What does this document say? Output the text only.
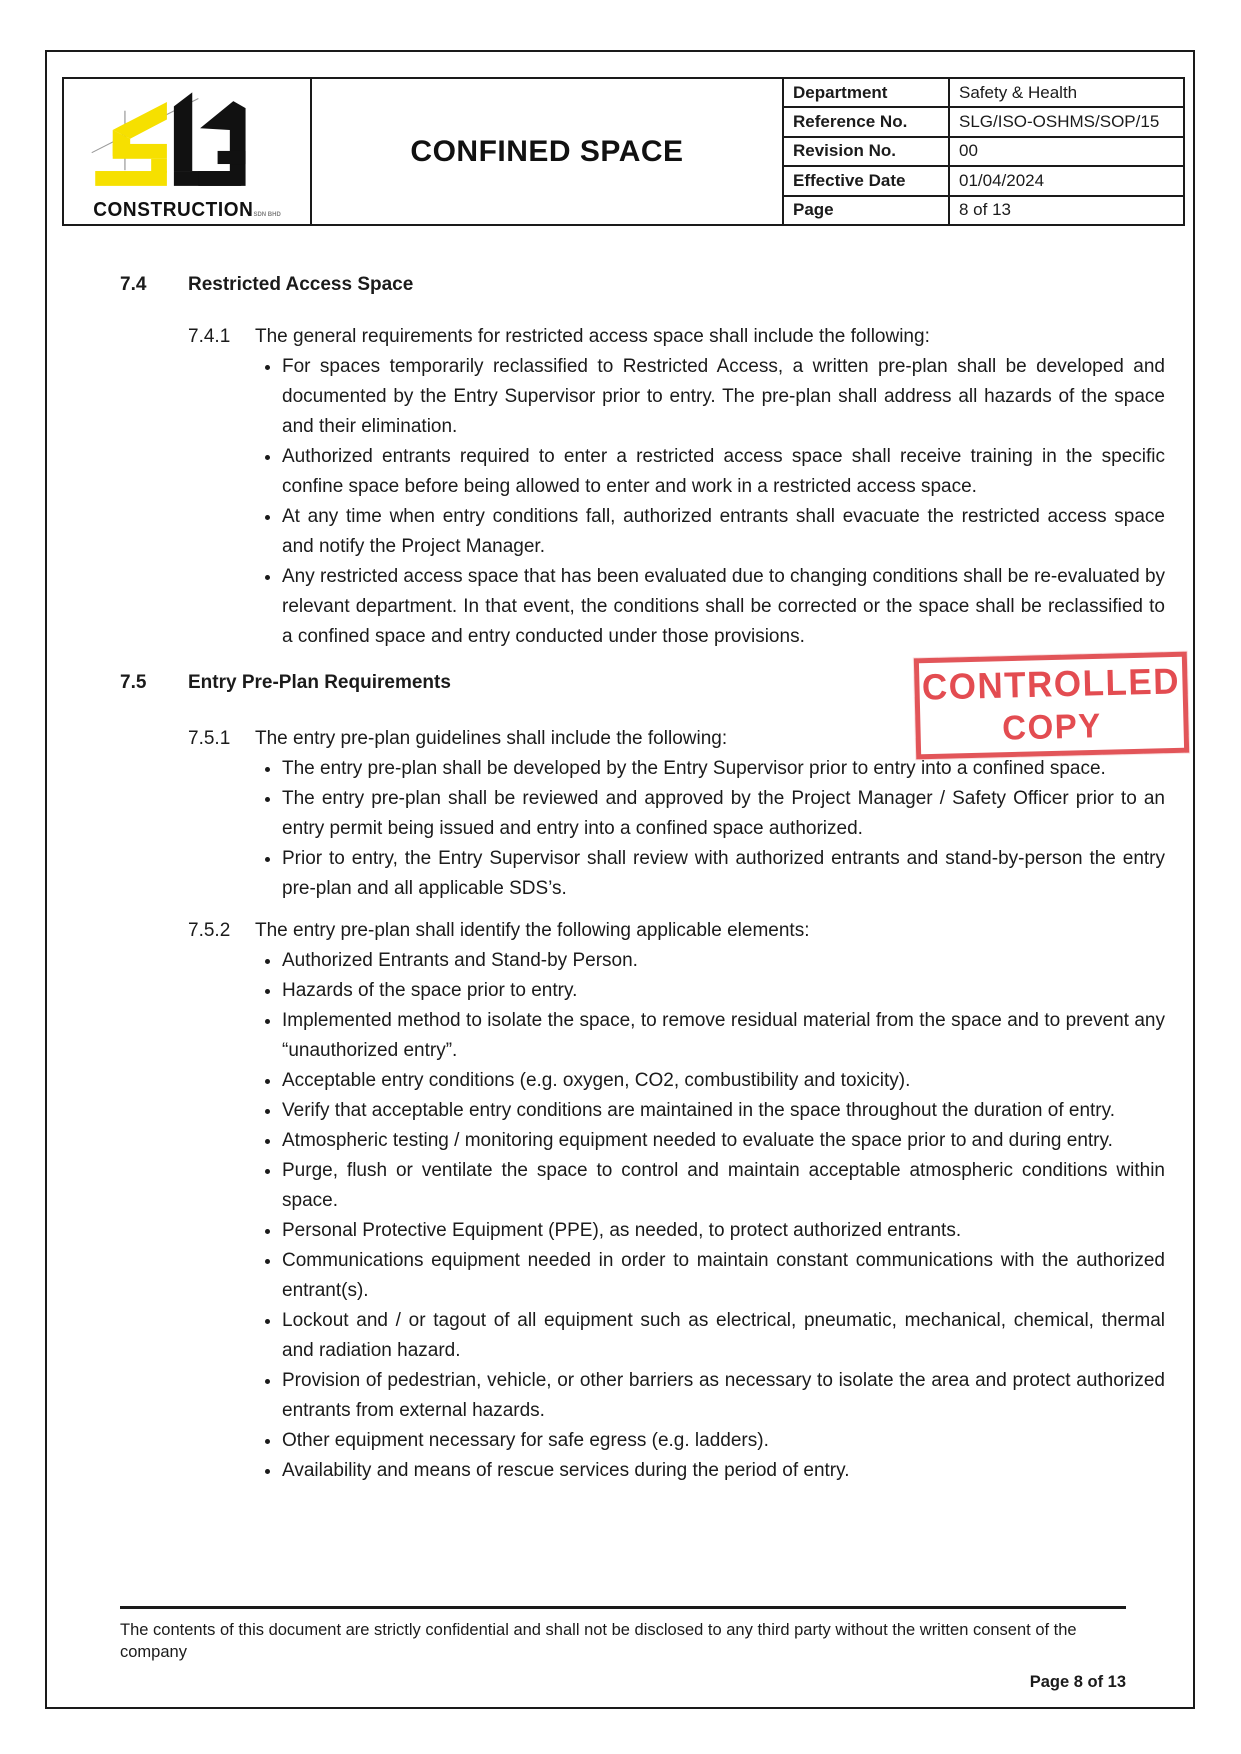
CONSTRUCTIONSDN BHD	CONFINED SPACE	Department	Safety & Health
		Reference No.	SLG/ISO-OSHMS/SOP/15
		Revision No.	00
		Effective Date	01/04/2024
		Page	8 of 13
7.4	Restricted Access Space
7.4.1	The general requirements for restricted access space shall include the following:
• For spaces temporarily reclassified to Restricted Access, a written pre-plan shall be developed and documented by the Entry Supervisor prior to entry. The pre-plan shall address all hazards of the space and their elimination.
• Authorized entrants required to enter a restricted access space shall receive training in the specific confine space before being allowed to enter and work in a restricted access space.
• At any time when entry conditions fall, authorized entrants shall evacuate the restricted access space and notify the Project Manager.
• Any restricted access space that has been evaluated due to changing conditions shall be re-evaluated by relevant department. In that event, the conditions shall be corrected or the space shall be reclassified to a confined space and entry conducted under those provisions.
7.5	Entry Pre-Plan Requirements
7.5.1	The entry pre-plan guidelines shall include the following:
• The entry pre-plan shall be developed by the Entry Supervisor prior to entry into a confined space.
• The entry pre-plan shall be reviewed and approved by the Project Manager / Safety Officer prior to an entry permit being issued and entry into a confined space authorized.
• Prior to entry, the Entry Supervisor shall review with authorized entrants and stand-by-person the entry pre-plan and all applicable SDS’s.
7.5.2	The entry pre-plan shall identify the following applicable elements:
• Authorized Entrants and Stand-by Person.
• Hazards of the space prior to entry.
• Implemented method to isolate the space, to remove residual material from the space and to prevent any “unauthorized entry”.
• Acceptable entry conditions (e.g. oxygen, CO2, combustibility and toxicity).
• Verify that acceptable entry conditions are maintained in the space throughout the duration of entry.
• Atmospheric testing / monitoring equipment needed to evaluate the space prior to and during entry.
• Purge, flush or ventilate the space to control and maintain acceptable atmospheric conditions within space.
• Personal Protective Equipment (PPE), as needed, to protect authorized entrants.
• Communications equipment needed in order to maintain constant communications with the authorized entrant(s).
• Lockout and / or tagout of all equipment such as electrical, pneumatic, mechanical, chemical, thermal and radiation hazard.
• Provision of pedestrian, vehicle, or other barriers as necessary to isolate the area and protect authorized entrants from external hazards.
• Other equipment necessary for safe egress (e.g. ladders).
• Availability and means of rescue services during the period of entry.
CONTROLLED
COPY
The contents of this document are strictly confidential and shall not be disclosed to any third party without the written consent of the company
Page 8 of 13
